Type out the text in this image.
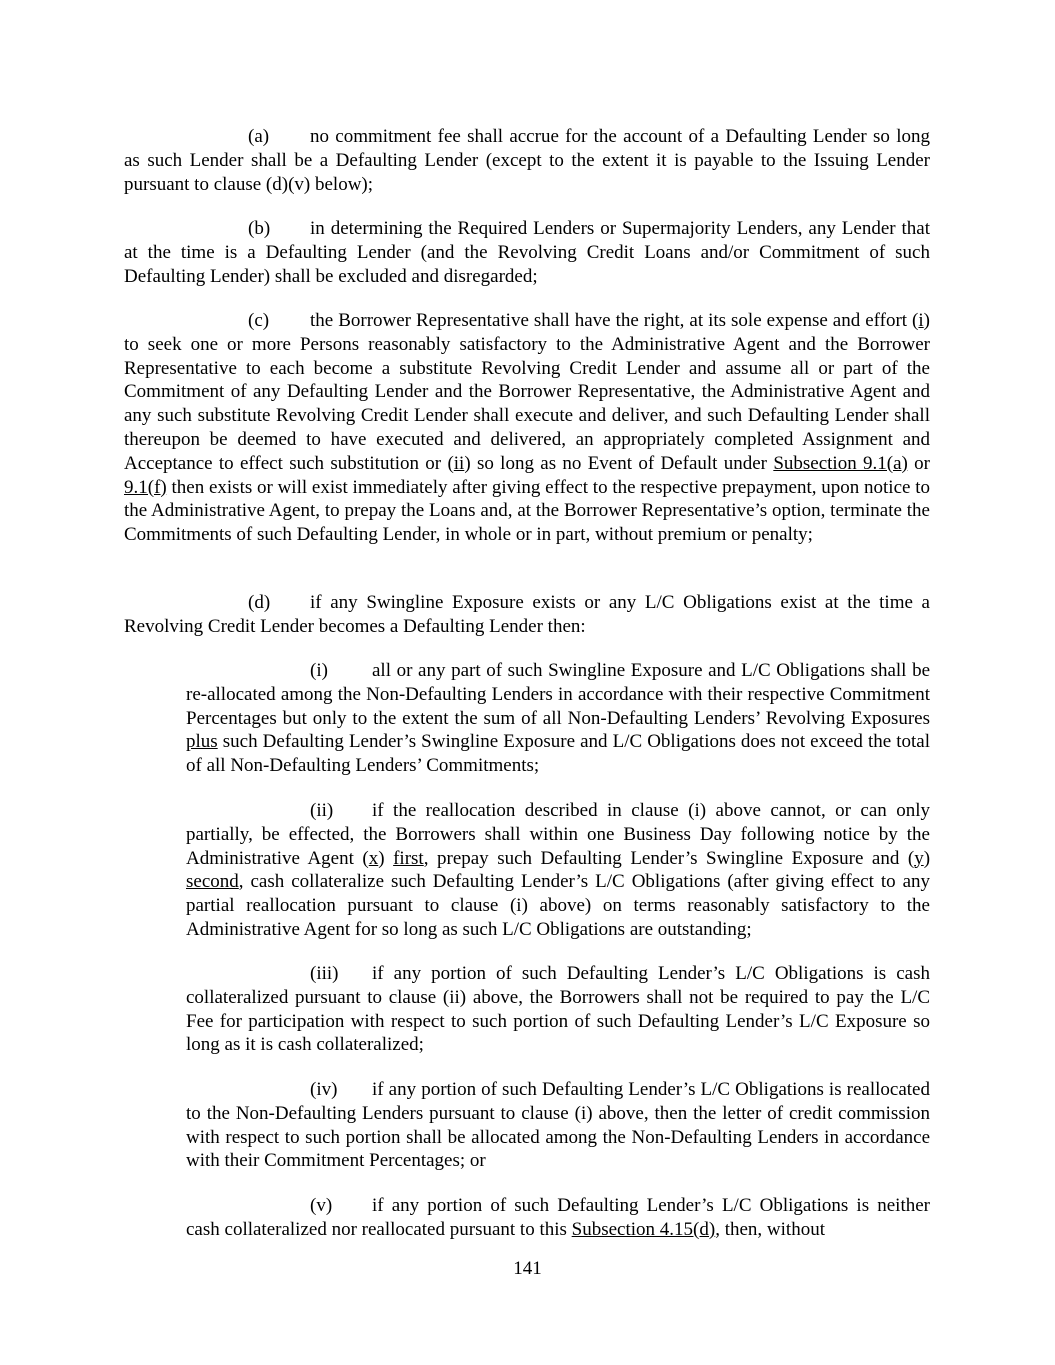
(a) no commitment fee shall accrue for the account of a Defaulting Lender so long as such Lender shall be a Defaulting Lender (except to the extent it is payable to the Issuing Lender pursuant to clause (d)(v) below);

(b) in determining the Required Lenders or Supermajority Lenders, any Lender that at the time is a Defaulting Lender (and the Revolving Credit Loans and/or Commitment of such Defaulting Lender) shall be excluded and disregarded;

(c) the Borrower Representative shall have the right, at its sole expense and effort (i) to seek one or more Persons reasonably satisfactory to the Administrative Agent and the Borrower Representative to each become a substitute Revolving Credit Lender and assume all or part of the Commitment of any Defaulting Lender and the Borrower Representative, the Administrative Agent and any such substitute Revolving Credit Lender shall execute and deliver, and such Defaulting Lender shall thereupon be deemed to have executed and delivered, an appropriately completed Assignment and Acceptance to effect such substitution or (ii) so long as no Event of Default under Subsection 9.1(a) or 9.1(f) then exists or will exist immediately after giving effect to the respective prepayment, upon notice to the Administrative Agent, to prepay the Loans and, at the Borrower Representative’s option, terminate the Commitments of such Defaulting Lender, in whole or in part, without premium or penalty;

(d) if any Swingline Exposure exists or any L/C Obligations exist at the time a Revolving Credit Lender becomes a Defaulting Lender then:

(i) all or any part of such Swingline Exposure and L/C Obligations shall be re-allocated among the Non-Defaulting Lenders in accordance with their respective Commitment Percentages but only to the extent the sum of all Non-Defaulting Lenders’ Revolving Exposures plus such Defaulting Lender’s Swingline Exposure and L/C Obligations does not exceed the total of all Non-Defaulting Lenders’ Commitments;

(ii) if the reallocation described in clause (i) above cannot, or can only partially, be effected, the Borrowers shall within one Business Day following notice by the Administrative Agent (x) first, prepay such Defaulting Lender’s Swingline Exposure and (y) second, cash collateralize such Defaulting Lender’s L/C Obligations (after giving effect to any partial reallocation pursuant to clause (i) above) on terms reasonably satisfactory to the Administrative Agent for so long as such L/C Obligations are outstanding;

(iii) if any portion of such Defaulting Lender’s L/C Obligations is cash collateralized pursuant to clause (ii) above, the Borrowers shall not be required to pay the L/C Fee for participation with respect to such portion of such Defaulting Lender’s L/C Exposure so long as it is cash collateralized;

(iv) if any portion of such Defaulting Lender’s L/C Obligations is reallocated to the Non-Defaulting Lenders pursuant to clause (i) above, then the letter of credit commission with respect to such portion shall be allocated among the Non-Defaulting Lenders in accordance with their Commitment Percentages; or

(v) if any portion of such Defaulting Lender’s L/C Obligations is neither cash collateralized nor reallocated pursuant to this Subsection 4.15(d), then, without

141
